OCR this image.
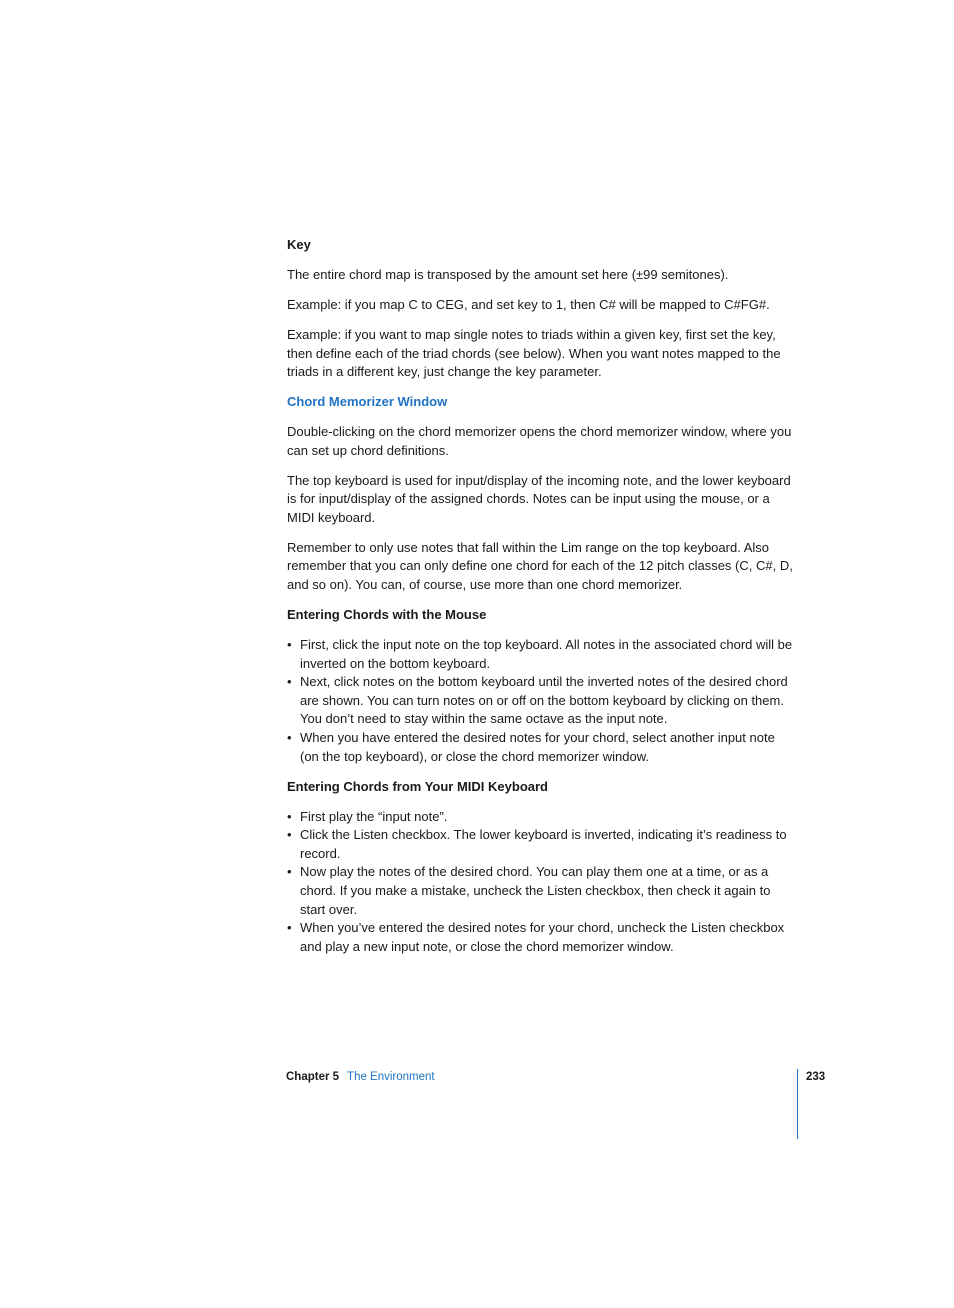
Key

The entire chord map is transposed by the amount set here (±99 semitones).

Example: if you map C to CEG, and set key to 1, then C# will be mapped to C#FG#.

Example: if you want to map single notes to triads within a given key, first set the key, then define each of the triad chords (see below). When you want notes mapped to the triads in a different key, just change the key parameter.

Chord Memorizer Window

Double-clicking on the chord memorizer opens the chord memorizer window, where you can set up chord definitions.

The top keyboard is used for input/display of the incoming note, and the lower keyboard is for input/display of the assigned chords. Notes can be input using the mouse, or a MIDI keyboard.

Remember to only use notes that fall within the Lim range on the top keyboard. Also remember that you can only define one chord for each of the 12 pitch classes (C, C#, D, and so on). You can, of course, use more than one chord memorizer.

Entering Chords with the Mouse

• First, click the input note on the top keyboard. All notes in the associated chord will be inverted on the bottom keyboard.
• Next, click notes on the bottom keyboard until the inverted notes of the desired chord are shown. You can turn notes on or off on the bottom keyboard by clicking on them. You don’t need to stay within the same octave as the input note.
• When you have entered the desired notes for your chord, select another input note (on the top keyboard), or close the chord memorizer window.

Entering Chords from Your MIDI Keyboard

• First play the “input note”.
• Click the Listen checkbox. The lower keyboard is inverted, indicating it’s readiness to record.
• Now play the notes of the desired chord. You can play them one at a time, or as a chord. If you make a mistake, uncheck the Listen checkbox, then check it again to start over.
• When you’ve entered the desired notes for your chord, uncheck the Listen checkbox and play a new input note, or close the chord memorizer window.
Chapter 5 The Environment	233
